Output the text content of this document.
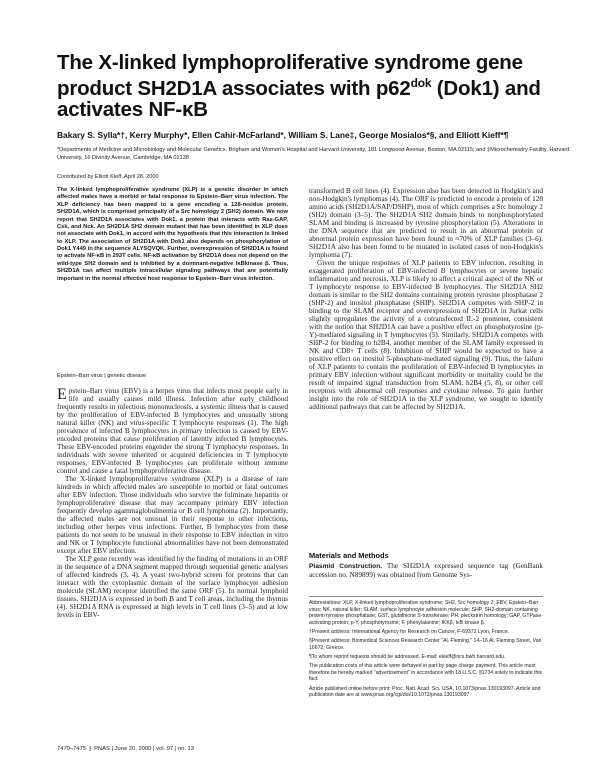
The X-linked lymphoproliferative syndrome gene product SH2D1A associates with $p62^{dok}$ (Dok1) and activates NF-κB
Bakary S. Sylla*†, Kerry Murphy*, Ellen Cahir-McFarland*, William S. Lane‡, George Mosialos*§, and Elliott Kieff*¶
*Departments of Medicine and Microbiology and Molecular Genetics, Brigham and Women's Hospital and Harvard University, 181 Longwood Avenue, Boston, MA 02115; and ‡Microchemistry Facility, Harvard University, 16 Divinity Avenue, Cambridge, MA 02138
Contributed by Elliott Kieff, April 28, 2000
The X-linked lymphoproliferative syndrome (XLP) is a genetic disorder in which affected males have a morbid or fatal response to Epstein–Barr virus infection. The XLP deficiency has been mapped to a gene encoding a 128-residue protein, SH2D1A, which is comprised principally of a Src homology 2 (SH2) domain. We now report that SH2D1A associates with Dok1, a protein that interacts with Ras-GAP, Csk, and Nck. An SH2D1A SH2 domain mutant that has been identified in XLP does not associate with Dok1, in accord with the hypothesis that this interaction is linked to XLP. The association of SH2D1A with Dok1 also depends on phosphorylation of Dok1 Y449 in the sequence ALYSQVQK. Further, overexpression of SH2D1A is found to activate NF-κB in 293T cells. NF-κB activation by SH2D1A does not depend on the wild-type SH2 domain and is inhibited by a dominant-negative IκBkinase β. Thus, SH2D1A can affect multiple intracellular signaling pathways that are potentially important in the normal effective host response to Epstein–Barr virus infection.
Epstein–Barr virus | genetic disease

Epstein–Barr virus (EBV) is a herpes virus that infects most people early in life and usually causes mild illness. Infection after early childhood frequently results in infectious mononucleosis, a systemic illness that is caused by the proliferation of EBV-infected B lymphocytes and unusually strong natural killer (NK) and virus-specific T lymphocyte responses (1). The high prevalence of infected B lymphocytes in primary infection is caused by EBV-encoded proteins that cause proliferation of latently infected B lymphocytes. These EBV-encoded proteins engender the strong T lymphocyte responses. In individuals with severe inherited or acquired deficiencies in T lymphocyte responses, EBV-infected B lymphocytes can proliferate without immune control and cause a fatal lymphoproliferative disease.

The X-linked lymphoproliferative syndrome (XLP) is a disease of rare kindreds in which affected males are susceptible to morbid or fatal outcomes after EBV infection. Those individuals who survive the fulminate hepatitis or lymphoproliferative disease that may accompany primary EBV infection frequently develop agammaglobulinemia or B cell lymphoma (2). Importantly, the affected males are not unusual in their response to other infections, including other herpes virus infections. Further, B lymphocytes from these patients do not seem to be unusual in their response to EBV infection in vitro and NK or T lymphocyte functional abnormalities have not been demonstrated except after EBV infection.

The XLP gene recently was identified by the finding of mutations in an ORF in the sequence of a DNA segment mapped through sequential genetic analyses of affected kindreds (3, 4). A yeast two-hybrid screen for proteins that can interact with the cytoplasmic domain of the surface lymphocyte adhesion molecule (SLAM) receptor identified the same ORF (5). In normal lymphoid tissues, SH2D1A is expressed in both B and T cell areas, including the thymus (4). SH2D1A RNA is expressed at high levels in T cell lines (3–5) and at low levels in EBV-

transformed B cell lines (4). Expression also has been detected in Hodgkin's and non-Hodgkin's lymphomas (4). The ORF is predicted to encode a protein of 128 amino acids (SH2D1A/SAP/DSHP), most of which comprises a Src homology 2 (SH2) domain (3–5). The SH2D1A SH2 domain binds to nonphosphorylated SLAM and binding is increased by tyrosine phosphorylation (5). Alterations in the DNA sequence that are predicted to result in an abnormal protein or abnormal protein expression have been found in ≈70% of XLP families (3–6). SH2D1A also has been found to be mutated in isolated cases of non-Hodgkin's lymphoma (7).

Given the unique responses of XLP patients to EBV infection, resulting in exaggerated proliferation of EBV-infected B lymphocytes or severe hepatic inflammation and necrosis, XLP is likely to affect a critical aspect of the NK or T lymphocyte response to EBV-infected B lymphocytes. The SH2D1A SH2 domain is similar to the SH2 domains containing protein tyrosine phosphatase 2 (SHP-2) and inositol phosphatase (SHIP). SH2D1A competes with SHP-2 in binding to the SLAM receptor and overexpression of SH2D1A in Jurkat cells slightly upregulates the activity of a cotransfected IL-2 promoter, consistent with the notion that SH2D1A can have a positive effect on phosphotyrosine (p-Y)-mediated signaling in T lymphocytes (5). Similarly, SH2D1A competes with SHP-2 for binding to h2B4, another member of the SLAM family expressed in NK and CD8+ T cells (8). Inhibition of SHIP would be expected to have a positive effect on inositol 5-phosphate-mediated signaling (9). Thus, the failure of XLP patients to contain the proliferation of EBV-infected B lymphocytes in primary EBV infection without significant morbidity or mortality could be the result of impaired signal transduction from SLAM, h2B4 (5, 8), or other cell receptors with abnormal cell responses and cytokine release. To gain further insight into the role of SH2D1A in the XLP syndrome, we sought to identify additional pathways that can be affected by SH2D1A.

Materials and Methods
Plasmid Construction. The SH2D1A expressed sequence tag (GenBank accession no. N89899) was obtained from Genome Sys-

Abbreviations: XLP, X-linked lymphoproliferative syndrome; SH2, Src homology 2; EBV, Epstein–Barr virus; NK, natural killer; SLAM, surface lymphocyte adhesion molecule; SHP, SH2-domain containing protein tyrosine phosphatase; GST, glutathione S-transferase; PH, pleckstrin homology; GAP, GTPase-activating protein; p-Y, phosphotyrosine; F, phenylalanine; IKKβ, IκB kinase β.

†Present address: International Agency for Research on Cancer, F-69372 Lyon, France.

§Present address: Biomedical Sciences Research Center "Al. Fleming," 14–16 Al. Fleming Street, Vari 16672, Greece.

¶To whom reprint requests should be addressed. E-mail: ekieff@rics.bwh.harvard.edu.

The publication costs of this article were defrayed in part by page charge payment. This article must therefore be hereby marked "advertisement" in accordance with 18 U.S.C. §1734 solely to indicate this fact.

Article published online before print: Proc. Natl. Acad. Sci. USA, 10.1073/pnas.130193097. Article and publication date are at www.pnas.org/cgi/doi/10.1073/pnas.130193097

7470–7475  |  PNAS | June 20, 2000 | vol. 97 | no. 13
